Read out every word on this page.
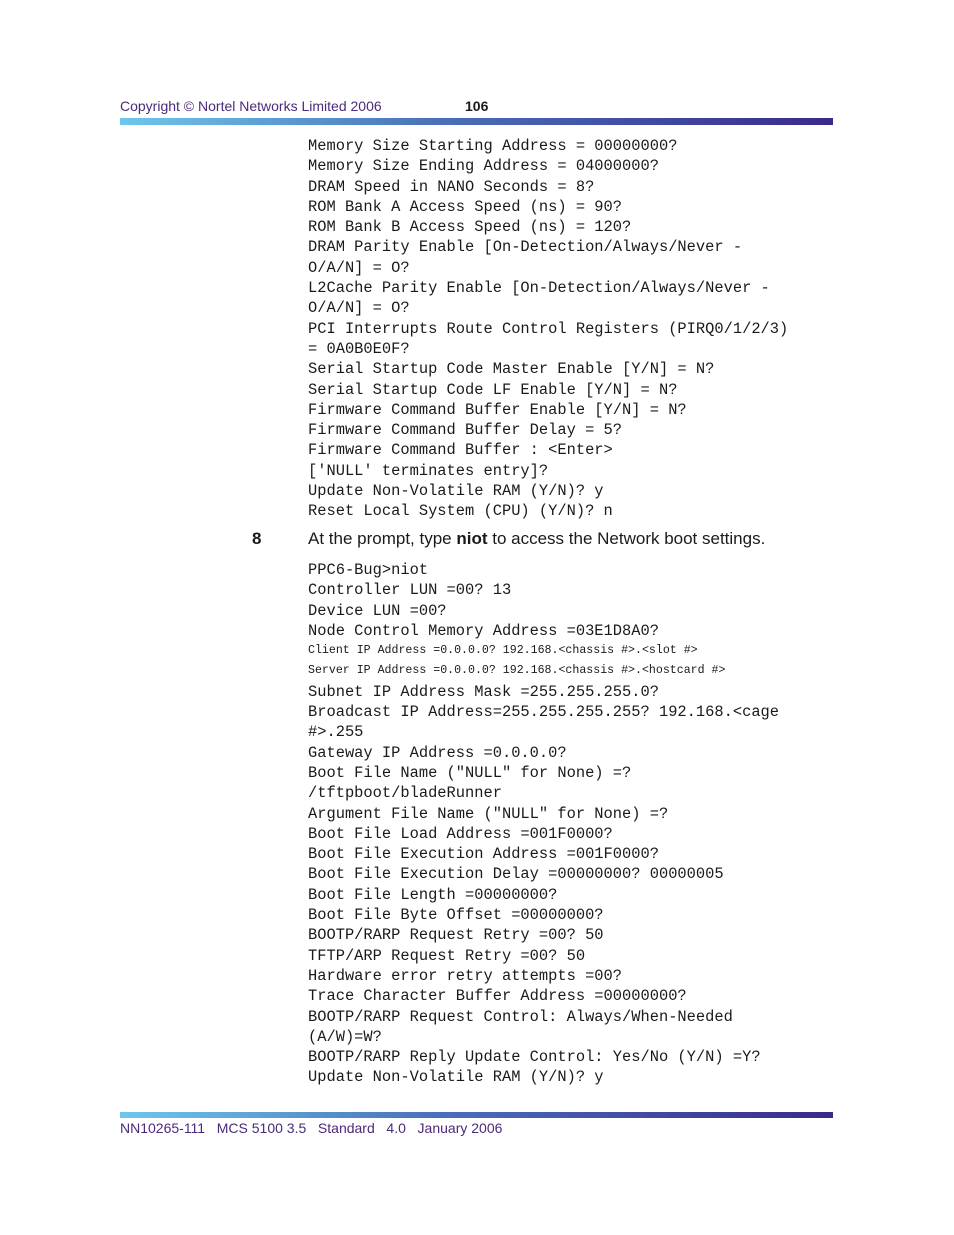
Copyright © Nortel Networks Limited 2006	106
Memory Size Starting Address = 00000000?
Memory Size Ending Address = 04000000?
DRAM Speed in NANO Seconds = 8?
ROM Bank A Access Speed (ns) = 90?
ROM Bank B Access Speed (ns) = 120?
DRAM Parity Enable [On-Detection/Always/Never -
O/A/N] = O?
L2Cache Parity Enable [On-Detection/Always/Never -
O/A/N] = O?
PCI Interrupts Route Control Registers (PIRQ0/1/2/3)
= 0A0B0E0F?
Serial Startup Code Master Enable [Y/N] = N?
Serial Startup Code LF Enable [Y/N] = N?
Firmware Command Buffer Enable [Y/N] = N?
Firmware Command Buffer Delay = 5?
Firmware Command Buffer : <Enter>
['NULL' terminates entry]?
Update Non-Volatile RAM (Y/N)? y
Reset Local System (CPU) (Y/N)? n
8	At the prompt, type niot to access the Network boot settings.
PPC6-Bug>niot
Controller LUN =00? 13
Device LUN =00?
Node Control Memory Address =03E1D8A0?
Client IP Address =0.0.0.0? 192.168.<chassis #>.<slot #>
Server IP Address =0.0.0.0? 192.168.<chassis #>.<hostcard #>
Subnet IP Address Mask =255.255.255.0?
Broadcast IP Address=255.255.255.255? 192.168.<cage
#>.255
Gateway IP Address =0.0.0.0?
Boot File Name ("NULL" for None) =?
/tftpboot/bladeRunner
Argument File Name ("NULL" for None) =?
Boot File Load Address =001F0000?
Boot File Execution Address =001F0000?
Boot File Execution Delay =00000000? 00000005
Boot File Length =00000000?
Boot File Byte Offset =00000000?
BOOTP/RARP Request Retry =00? 50
TFTP/ARP Request Retry =00? 50
Hardware error retry attempts =00?
Trace Character Buffer Address =00000000?
BOOTP/RARP Request Control: Always/When-Needed
(A/W)=W?
BOOTP/RARP Reply Update Control: Yes/No (Y/N) =Y?
Update Non-Volatile RAM (Y/N)? y
NN10265-111   MCS 5100 3.5   Standard   4.0   January 2006
